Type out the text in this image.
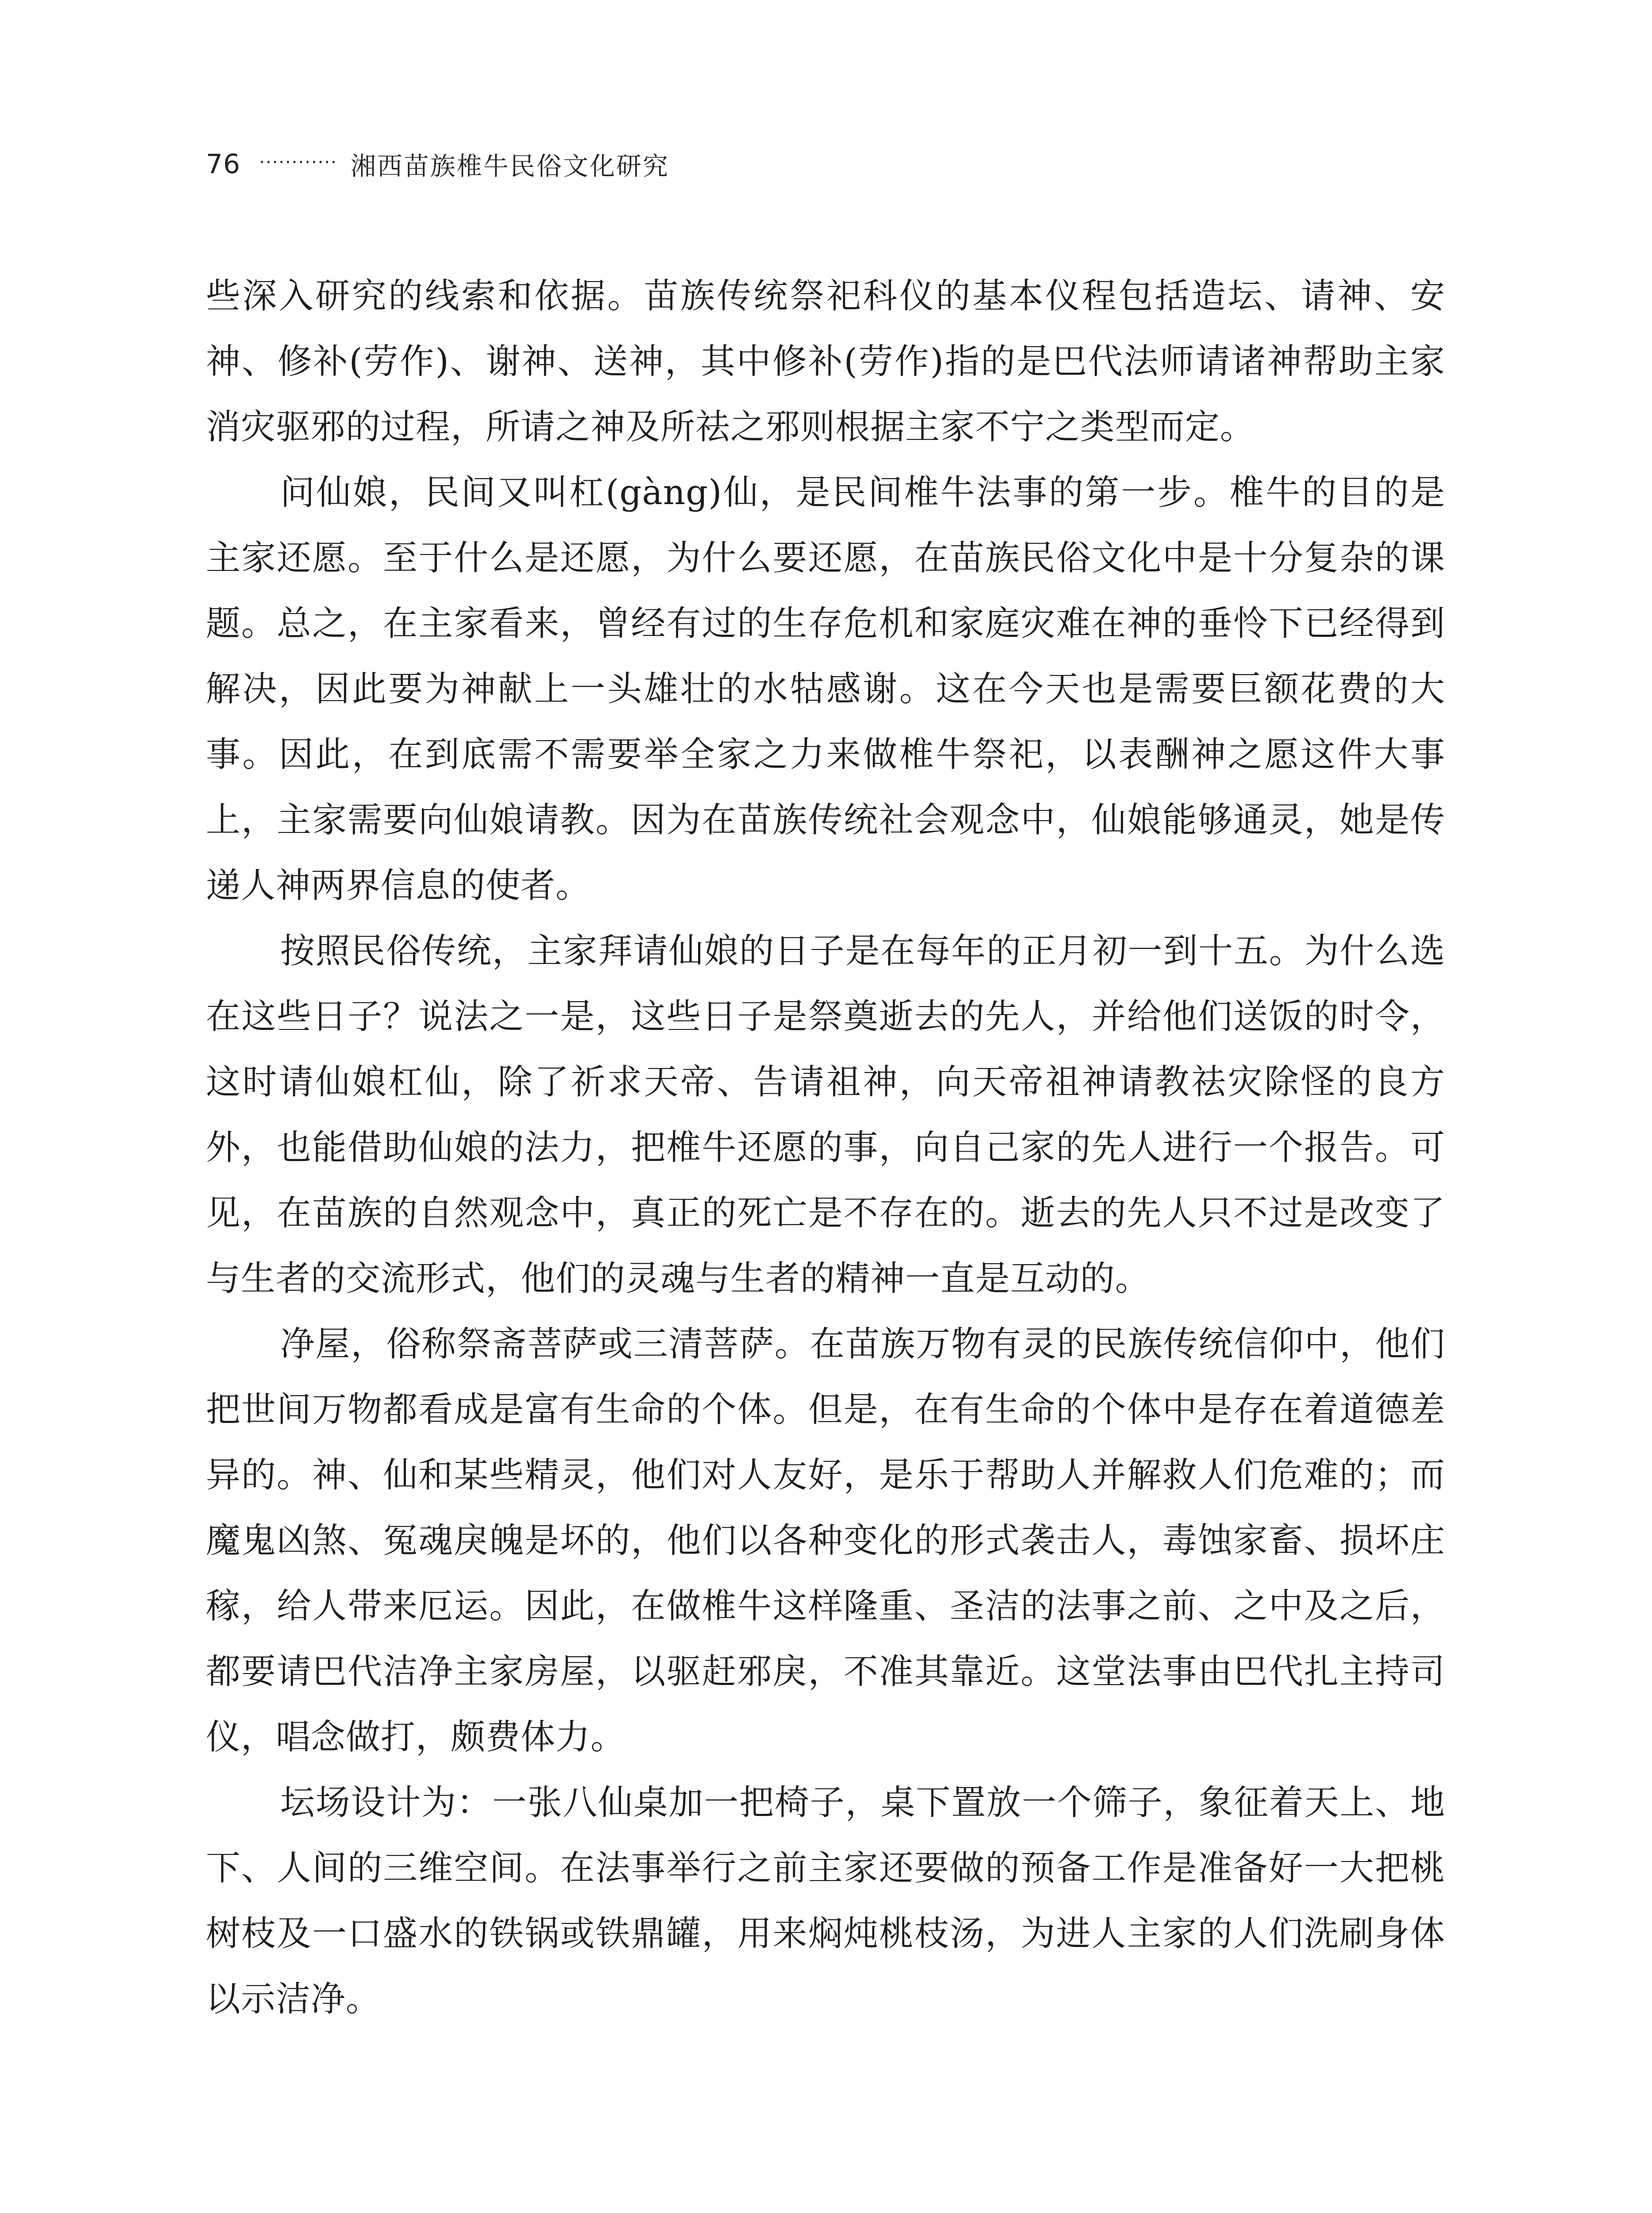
76 ············ 湘西苗族椎牛民俗文化研究

些深入研究的线索和依据。苗族传统祭祀科仪的基本仪程包括造坛、请神、安神、修补(劳作)、谢神、送神，其中修补(劳作)指的是巴代法师请诸神帮助主家消灾驱邪的过程，所请之神及所祛之邪则根据主家不宁之类型而定。

问仙娘，民间又叫杠(gàng)仙，是民间椎牛法事的第一步。椎牛的目的是主家还愿。至于什么是还愿，为什么要还愿，在苗族民俗文化中是十分复杂的课题。总之，在主家看来，曾经有过的生存危机和家庭灾难在神的垂怜下已经得到解决，因此要为神献上一头雄壮的水牯感谢。这在今天也是需要巨额花费的大事。因此，在到底需不需要举全家之力来做椎牛祭祀，以表酬神之愿这件大事上，主家需要向仙娘请教。因为在苗族传统社会观念中，仙娘能够通灵，她是传递人神两界信息的使者。

按照民俗传统，主家拜请仙娘的日子是在每年的正月初一到十五。为什么选在这些日子？说法之一是，这些日子是祭奠逝去的先人，并给他们送饭的时令，这时请仙娘杠仙，除了祈求天帝、告请祖神，向天帝祖神请教祛灾除怪的良方外，也能借助仙娘的法力，把椎牛还愿的事，向自己家的先人进行一个报告。可见，在苗族的自然观念中，真正的死亡是不存在的。逝去的先人只不过是改变了与生者的交流形式，他们的灵魂与生者的精神一直是互动的。

净屋，俗称祭斋菩萨或三清菩萨。在苗族万物有灵的民族传统信仰中，他们把世间万物都看成是富有生命的个体。但是，在有生命的个体中是存在着道德差异的。神、仙和某些精灵，他们对人友好，是乐于帮助人并解救人们危难的；而魔鬼凶煞、冤魂戾魄是坏的，他们以各种变化的形式袭击人，毒蚀家畜、损坏庄稼，给人带来厄运。因此，在做椎牛这样隆重、圣洁的法事之前、之中及之后，都要请巴代洁净主家房屋，以驱赶邪戾，不准其靠近。这堂法事由巴代扎主持司仪，唱念做打，颇费体力。

坛场设计为：一张八仙桌加一把椅子，桌下置放一个筛子，象征着天上、地下、人间的三维空间。在法事举行之前主家还要做的预备工作是准备好一大把桃树枝及一口盛水的铁锅或铁鼎罐，用来焖炖桃枝汤，为进人主家的人们洗刷身体以示洁净。
